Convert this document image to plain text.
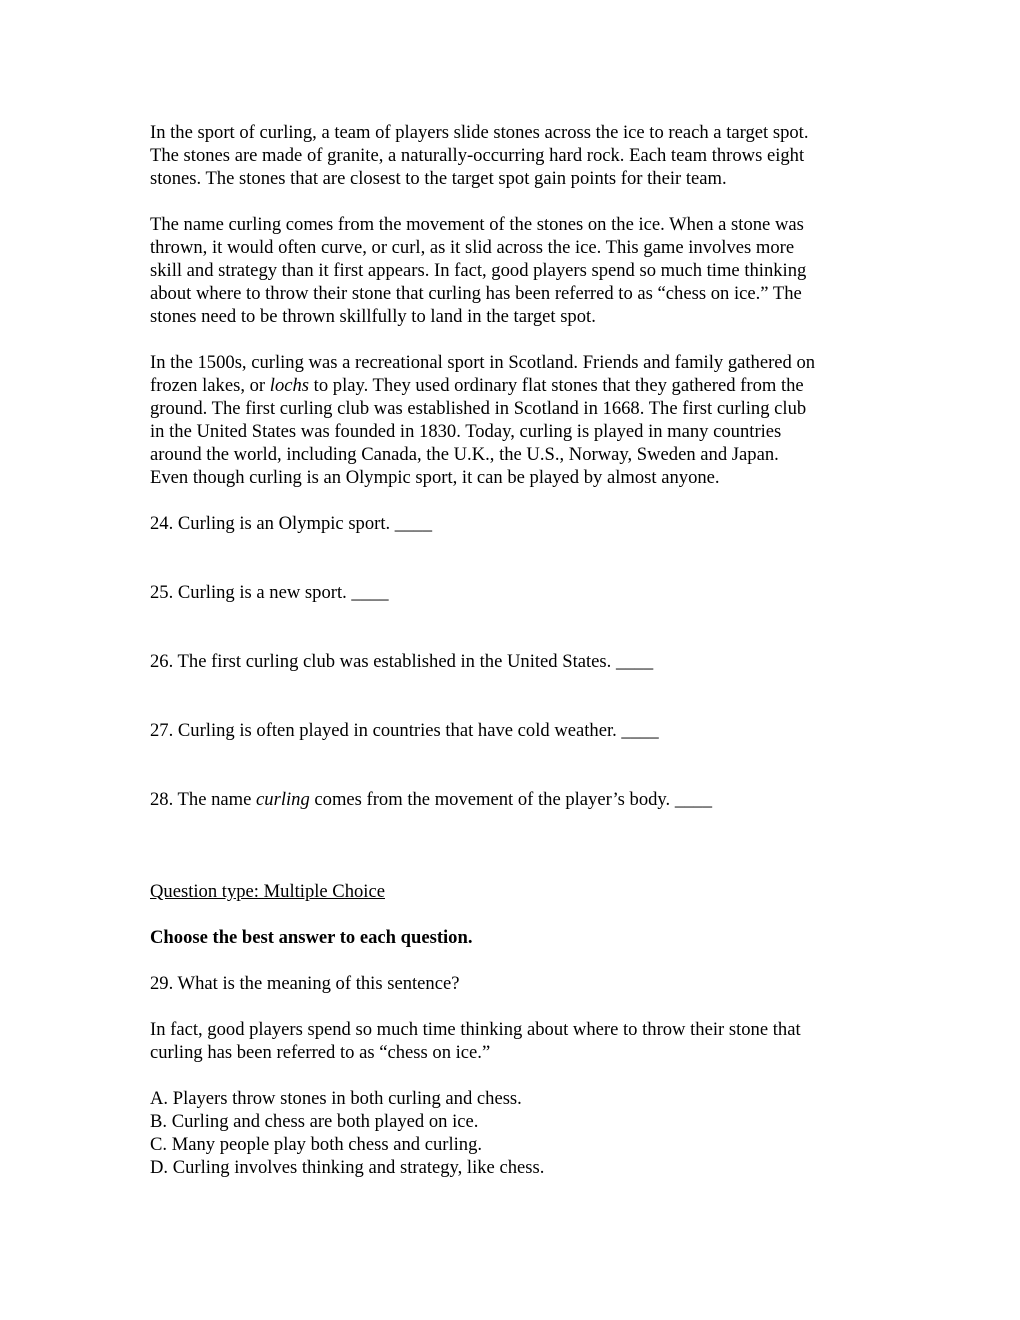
In the sport of curling, a team of players slide stones across the ice to reach a target spot.
The stones are made of granite, a naturally-occurring hard rock. Each team throws eight
stones. The stones that are closest to the target spot gain points for their team.
The name curling comes from the movement of the stones on the ice. When a stone was
thrown, it would often curve, or curl, as it slid across the ice. This game involves more
skill and strategy than it first appears. In fact, good players spend so much time thinking
about where to throw their stone that curling has been referred to as “chess on ice.” The
stones need to be thrown skillfully to land in the target spot.
In the 1500s, curling was a recreational sport in Scotland. Friends and family gathered on
frozen lakes, or lochs to play. They used ordinary flat stones that they gathered from the
ground. The first curling club was established in Scotland in 1668. The first curling club
in the United States was founded in 1830. Today, curling is played in many countries
around the world, including Canada, the U.K., the U.S., Norway, Sweden and Japan.
Even though curling is an Olympic sport, it can be played by almost anyone.
24. Curling is an Olympic sport. ____
25. Curling is a new sport. ____
26. The first curling club was established in the United States. ____
27. Curling is often played in countries that have cold weather. ____
28. The name curling comes from the movement of the player’s body. ____
Question type: Multiple Choice
Choose the best answer to each question.
29. What is the meaning of this sentence?
In fact, good players spend so much time thinking about where to throw their stone that
curling has been referred to as “chess on ice.”
A. Players throw stones in both curling and chess.
B. Curling and chess are both played on ice.
C. Many people play both chess and curling.
D. Curling involves thinking and strategy, like chess.
